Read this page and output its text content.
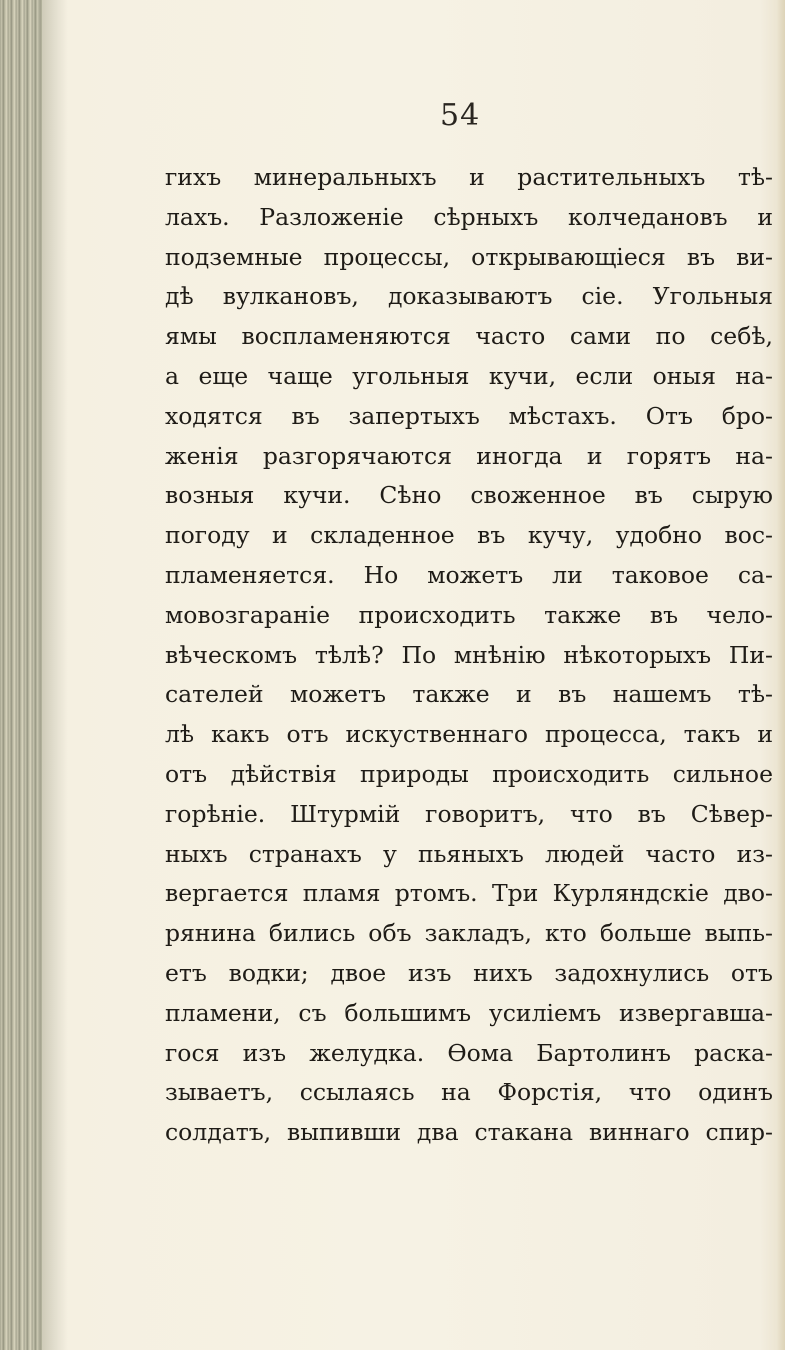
54
гихъ минеральныхъ и растительныхъ тѣ-
лахъ. Разложеніе сѣрныхъ колчедановъ и
подземные процессы, открывающіеся въ ви-
дѣ вулкановъ, доказываютъ сіе. Угольныя
ямы воспламеняются часто сами по себѣ,
а еще чаще угольныя кучи, если оныя на-
ходятся въ запертыхъ мѣстахъ. Отъ бро-
женія разгорячаются иногда и горятъ на-
возныя кучи. Сѣно своженное въ сырую
погоду и складенное въ кучу, удобно вос-
пламеняется. Но можетъ ли таковое са-
мовозгараніе происходить также въ чело-
вѣческомъ тѣлѣ? По мнѣнію нѣкоторыхъ Пи-
сателей можетъ также и въ нашемъ тѣ-
лѣ какъ отъ искуственнаго процесса, такъ и
отъ дѣйствія природы происходить сильное
горѣніе. Штурмій говоритъ, что въ Сѣвер-
ныхъ странахъ у пьяныхъ людей часто из-
вергается пламя ртомъ. Три Курляндскіе дво-
рянина бились объ закладъ, кто больше выпь-
етъ водки; двое изъ нихъ задохнулись отъ
пламени, съ большимъ усиліемъ извергавша-
гося изъ желудка. Ѳома Бартолинъ раска-
зываетъ, ссылаясь на Форстія, что одинъ
солдатъ, выпивши два стакана виннаго спир-
